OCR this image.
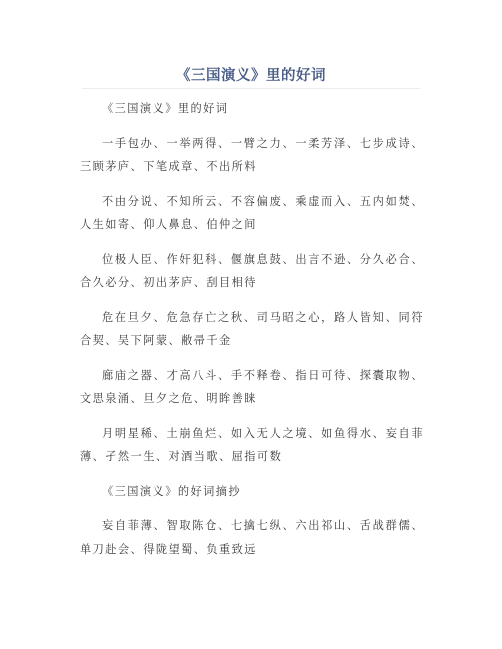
《三国演义》里的好词

《三国演义》里的好词

一手包办、一举两得、一臂之力、一柔芳泽、七步成诗、三顾茅庐、下笔成章、不出所料

不由分说、不知所云、不容偏废、乘虚而入、五内如焚、人生如寄、仰人鼻息、伯仲之间

位极人臣、作奸犯科、偃旗息鼓、出言不逊、分久必合、合久必分、初出茅庐、刮目相待

危在旦夕、危急存亡之秋、司马昭之心，路人皆知、同符合契、吴下阿蒙、敝帚千金

廊庙之器、才高八斗、手不释卷、指日可待、探囊取物、文思泉涌、旦夕之危、明眸善睐

月明星稀、土崩鱼烂、如入无人之境、如鱼得水、妄自菲薄、孑然一生、对酒当歌、屈指可数

《三国演义》的好词摘抄

妄自菲薄、智取陈仓、七擒七纵、六出祁山、舌战群儒、单刀赴会、得陇望蜀、负重致远
